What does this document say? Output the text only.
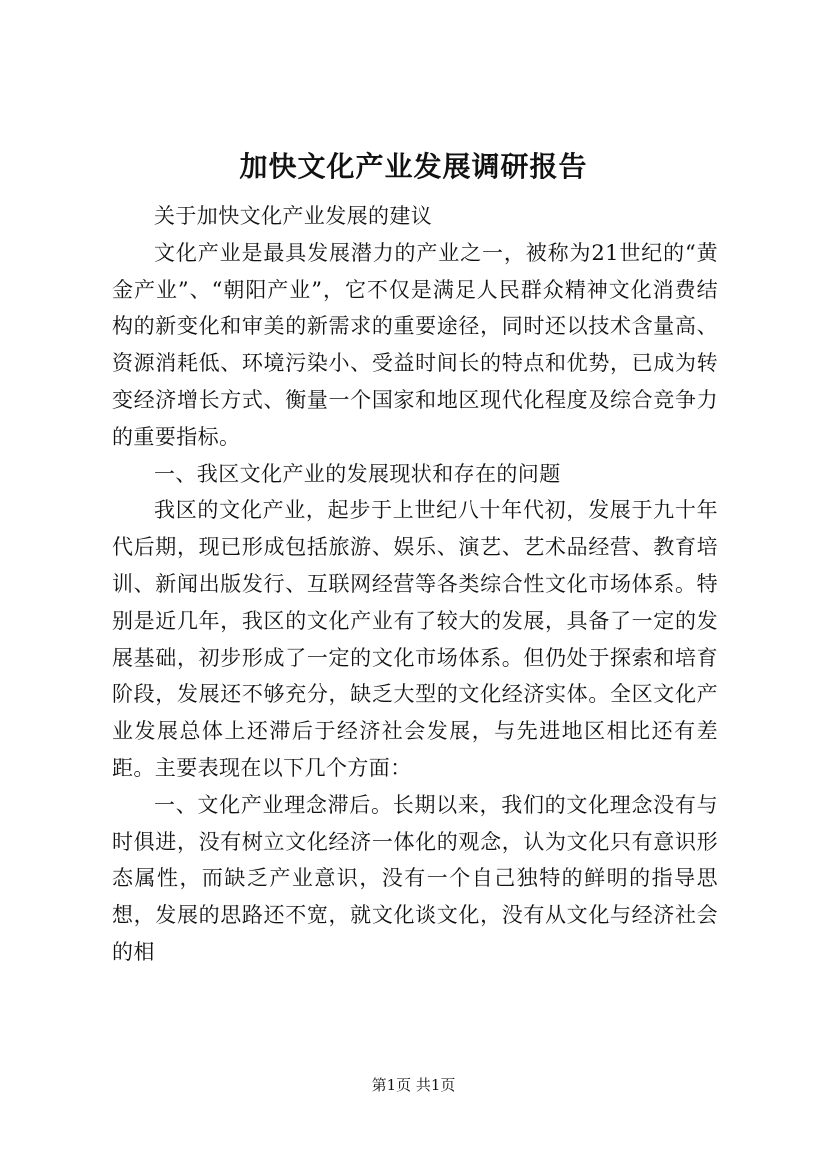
加快文化产业发展调研报告

关于加快文化产业发展的建议

文化产业是最具发展潜力的产业之一，被称为21世纪的“黄金产业”、“朝阳产业”，它不仅是满足人民群众精神文化消费结构的新变化和审美的新需求的重要途径，同时还以技术含量高、资源消耗低、环境污染小、受益时间长的特点和优势，已成为转变经济增长方式、衡量一个国家和地区现代化程度及综合竞争力的重要指标。

一、我区文化产业的发展现状和存在的问题

我区的文化产业，起步于上世纪八十年代初，发展于九十年代后期，现已形成包括旅游、娱乐、演艺、艺术品经营、教育培训、新闻出版发行、互联网经营等各类综合性文化市场体系。特别是近几年，我区的文化产业有了较大的发展，具备了一定的发展基础，初步形成了一定的文化市场体系。但仍处于探索和培育阶段，发展还不够充分，缺乏大型的文化经济实体。全区文化产业发展总体上还滞后于经济社会发展，与先进地区相比还有差距。主要表现在以下几个方面：

一、文化产业理念滞后。长期以来，我们的文化理念没有与时俱进，没有树立文化经济一体化的观念，认为文化只有意识形态属性，而缺乏产业意识，没有一个自己独特的鲜明的指导思想，发展的思路还不宽，就文化谈文化，没有从文化与经济社会的相

第1页 共1页
